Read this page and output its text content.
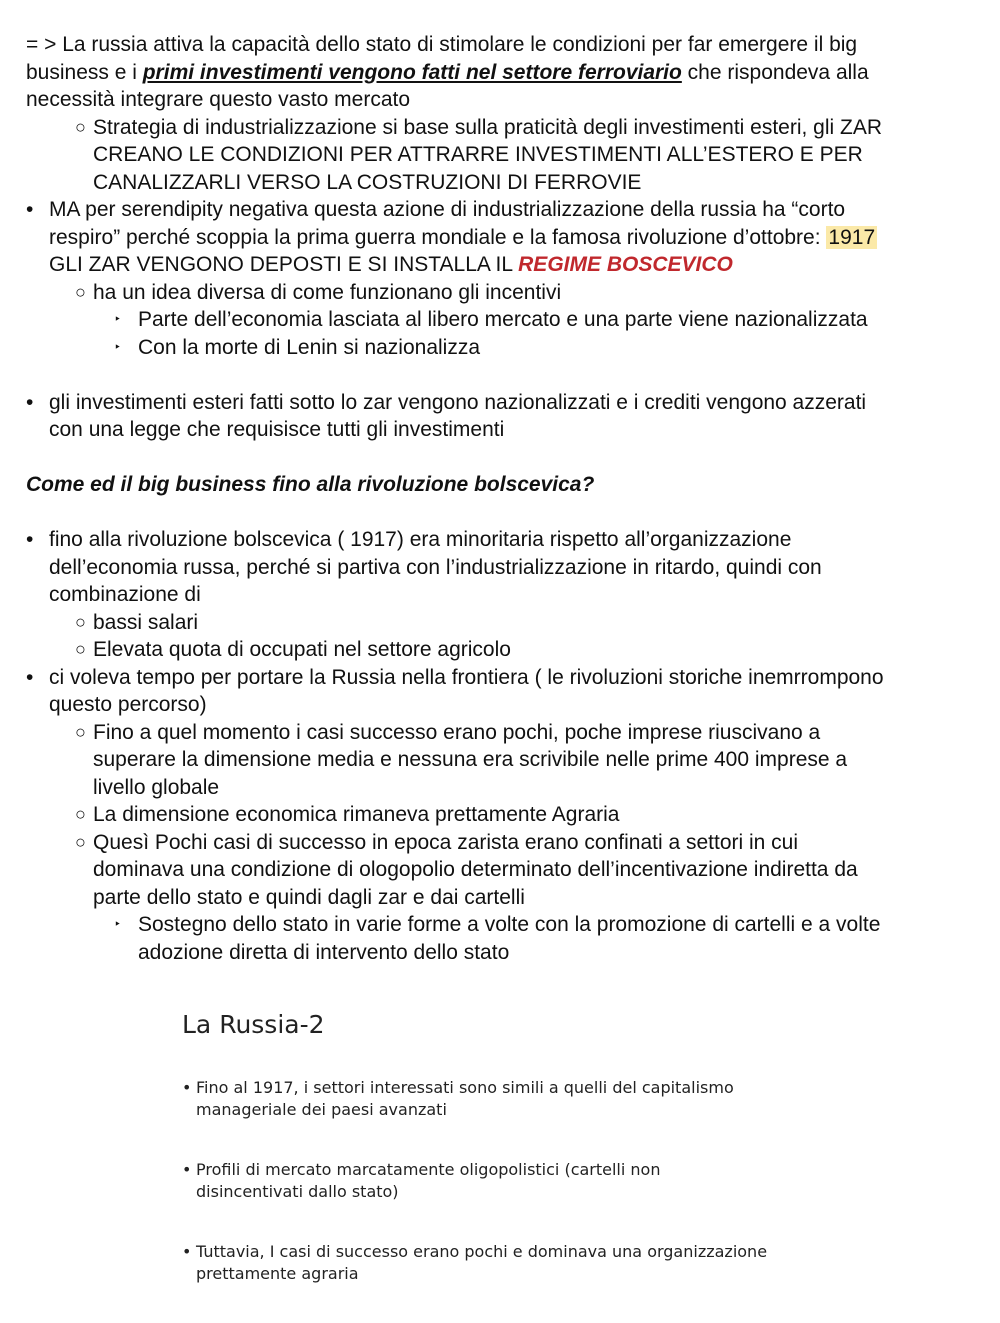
= > La russia attiva la capacità dello stato di stimolare le condizioni per far emergere il big

business e i primi investimenti vengono fatti nel settore ferroviario che rispondeva alla

necessità integrare questo vasto mercato

○ Strategia di industrializzazione si base sulla praticità degli investimenti esteri, gli ZAR

CREANO LE CONDIZIONI PER ATTRARRE INVESTIMENTI ALL’ESTERO E PER

CANALIZZARLI VERSO LA COSTRUZIONI DI FERROVIE

• MA per serendipity negativa questa azione di industrializzazione della russia ha “corto

respiro” perché scoppia la prima guerra mondiale e la famosa rivoluzione d’ottobre: 1917

GLI ZAR VENGONO DEPOSTI E SI INSTALLA IL REGIME BOSCEVICO

○ ha un idea diversa di come funzionano gli incentivi

‣ Parte dell’economia lasciata al libero mercato e una parte viene nazionalizzata

‣ Con la morte di Lenin si nazionalizza

• gli investimenti esteri fatti sotto lo zar vengono nazionalizzati e i crediti vengono azzerati

con una legge che requisisce tutti gli investimenti

Come ed il big business fino alla rivoluzione bolscevica?

• fino alla rivoluzione bolscevica ( 1917) era minoritaria rispetto all’organizzazione

dell’economia russa, perché si partiva con l’industrializzazione in ritardo, quindi con

combinazione di

○ bassi salari

○ Elevata quota di occupati nel settore agricolo

• ci voleva tempo per portare la Russia nella frontiera ( le rivoluzioni storiche inemrrompono

questo percorso)

○ Fino a quel momento i casi successo erano pochi, poche imprese riuscivano a

superare la dimensione media e nessuna era scrivibile nelle prime 400 imprese a

livello globale

○ La dimensione economica rimaneva prettamente Agraria

○ Quesì Pochi casi di successo in epoca zarista erano confinati a settori in cui

dominava una condizione di ologopolio determinato dell’incentivazione indiretta da

parte dello stato e quindi dagli zar e dai cartelli

‣ Sostegno dello stato in varie forme a volte con la promozione di cartelli e a volte

adozione diretta di intervento dello stato

La Russia-2
• Fino al 1917, i settori interessati sono simili a quelli del capitalismo
manageriale dei paesi avanzati
• Profili di mercato marcatamente oligopolistici (cartelli non
disincentivati dallo stato)
• Tuttavia, I casi di successo erano pochi e dominava una organizzazione
prettamente agraria
